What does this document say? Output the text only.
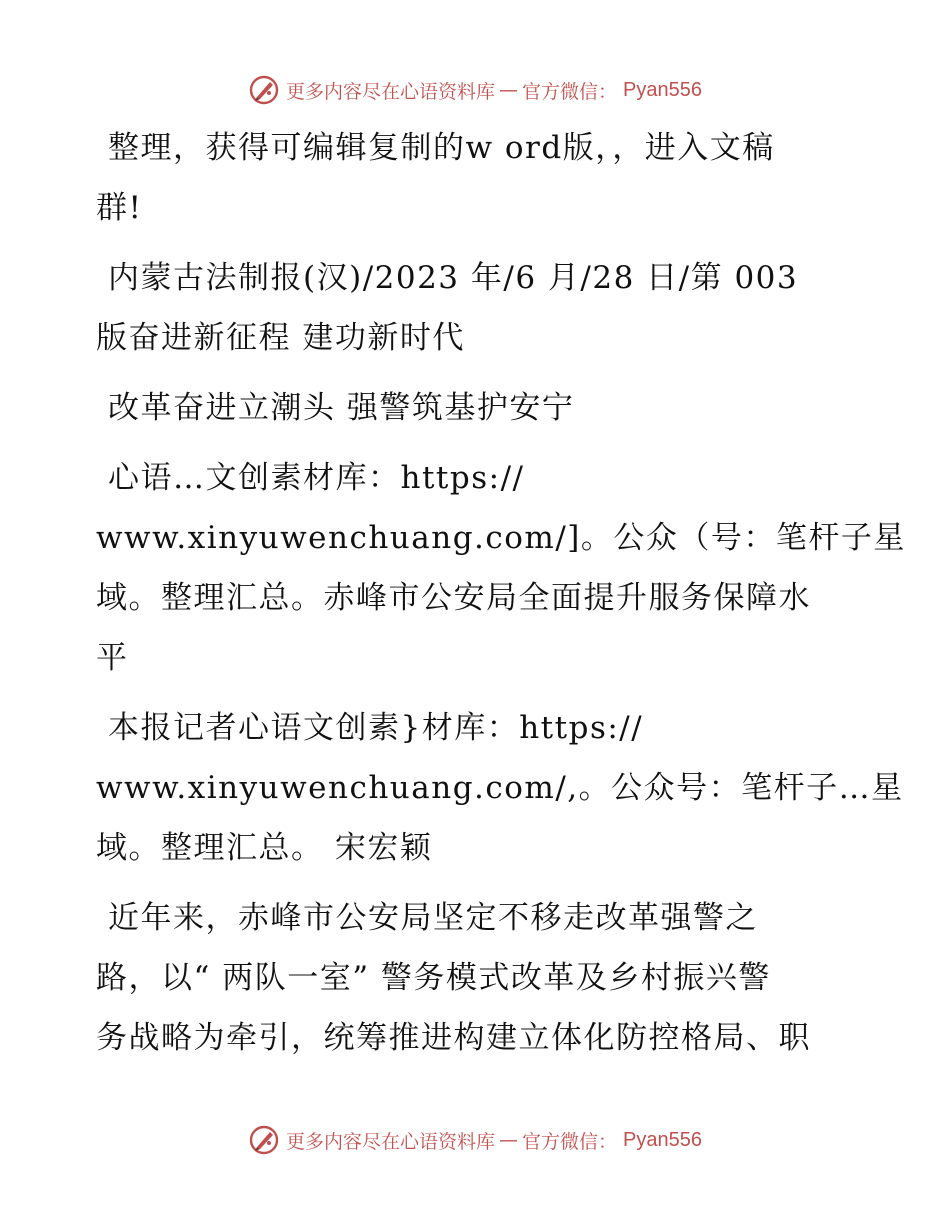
更多内容尽在心语资料库 — 官方微信： Pyan556
整理，获得可编辑复制的w ord版，，进入文稿
群!
内蒙古法制报(汉)/2023 年/6 月/28 日/第 003
版奋进新征程 建功新时代
改革奋进立潮头 强警筑基护安宁
心语…文创素材库：https://
www.xinyuwenchuang.com/]。公众（号：笔杆子星
域。整理汇总。赤峰市公安局全面提升服务保障水
平
本报记者心语文创素}材库：https://
www.xinyuwenchuang.com/,。公众号：笔杆子…星
域。整理汇总。 宋宏颖
近年来，赤峰市公安局坚定不移走改革强警之
路，以“ 两队一室” 警务模式改革及乡村振兴警
务战略为牵引，统筹推进构建立体化防控格局、职
更多内容尽在心语资料库 — 官方微信： Pyan556
